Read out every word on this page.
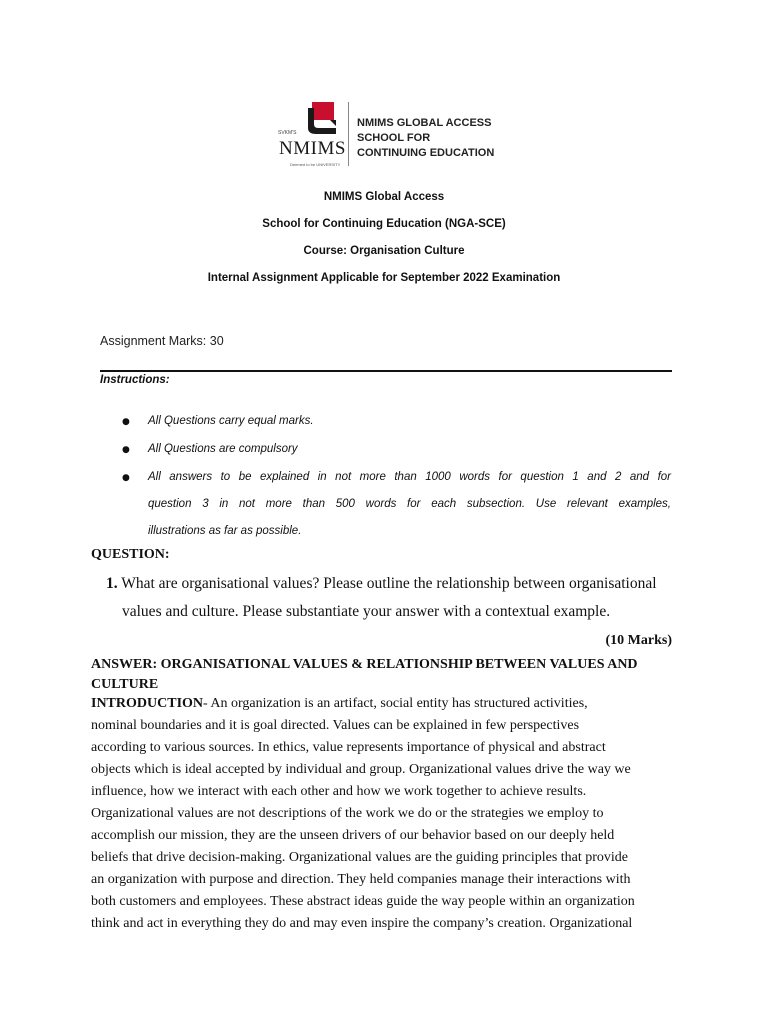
SVKM'S
NMIMS
Deemed to be UNIVERSITY
NMIMS GLOBAL ACCESS
SCHOOL FOR
CONTINUING EDUCATION
NMIMS Global Access
School for Continuing Education (NGA-SCE)
Course: Organisation Culture
Internal Assignment Applicable for September 2022 Examination
Assignment Marks: 30
Instructions:
● All Questions carry equal marks.
● All Questions are compulsory
● All answers to be explained in not more than 1000 words for question 1 and 2 and for
question 3 in not more than 500 words for each subsection. Use relevant examples,
illustrations as far as possible.
QUESTION:
1. What are organisational values? Please outline the relationship between organisational
values and culture. Please substantiate your answer with a contextual example.
(10 Marks)
ANSWER: ORGANISATIONAL VALUES & RELATIONSHIP BETWEEN VALUES AND CULTURE
INTRODUCTION- An organization is an artifact, social entity has structured activities,
nominal boundaries and it is goal directed. Values can be explained in few perspectives
according to various sources. In ethics, value represents importance of physical and abstract
objects which is ideal accepted by individual and group. Organizational values drive the way we
influence, how we interact with each other and how we work together to achieve results.
Organizational values are not descriptions of the work we do or the strategies we employ to
accomplish our mission, they are the unseen drivers of our behavior based on our deeply held
beliefs that drive decision-making. Organizational values are the guiding principles that provide
an organization with purpose and direction. They held companies manage their interactions with
both customers and employees. These abstract ideas guide the way people within an organization
think and act in everything they do and may even inspire the company’s creation. Organizational
